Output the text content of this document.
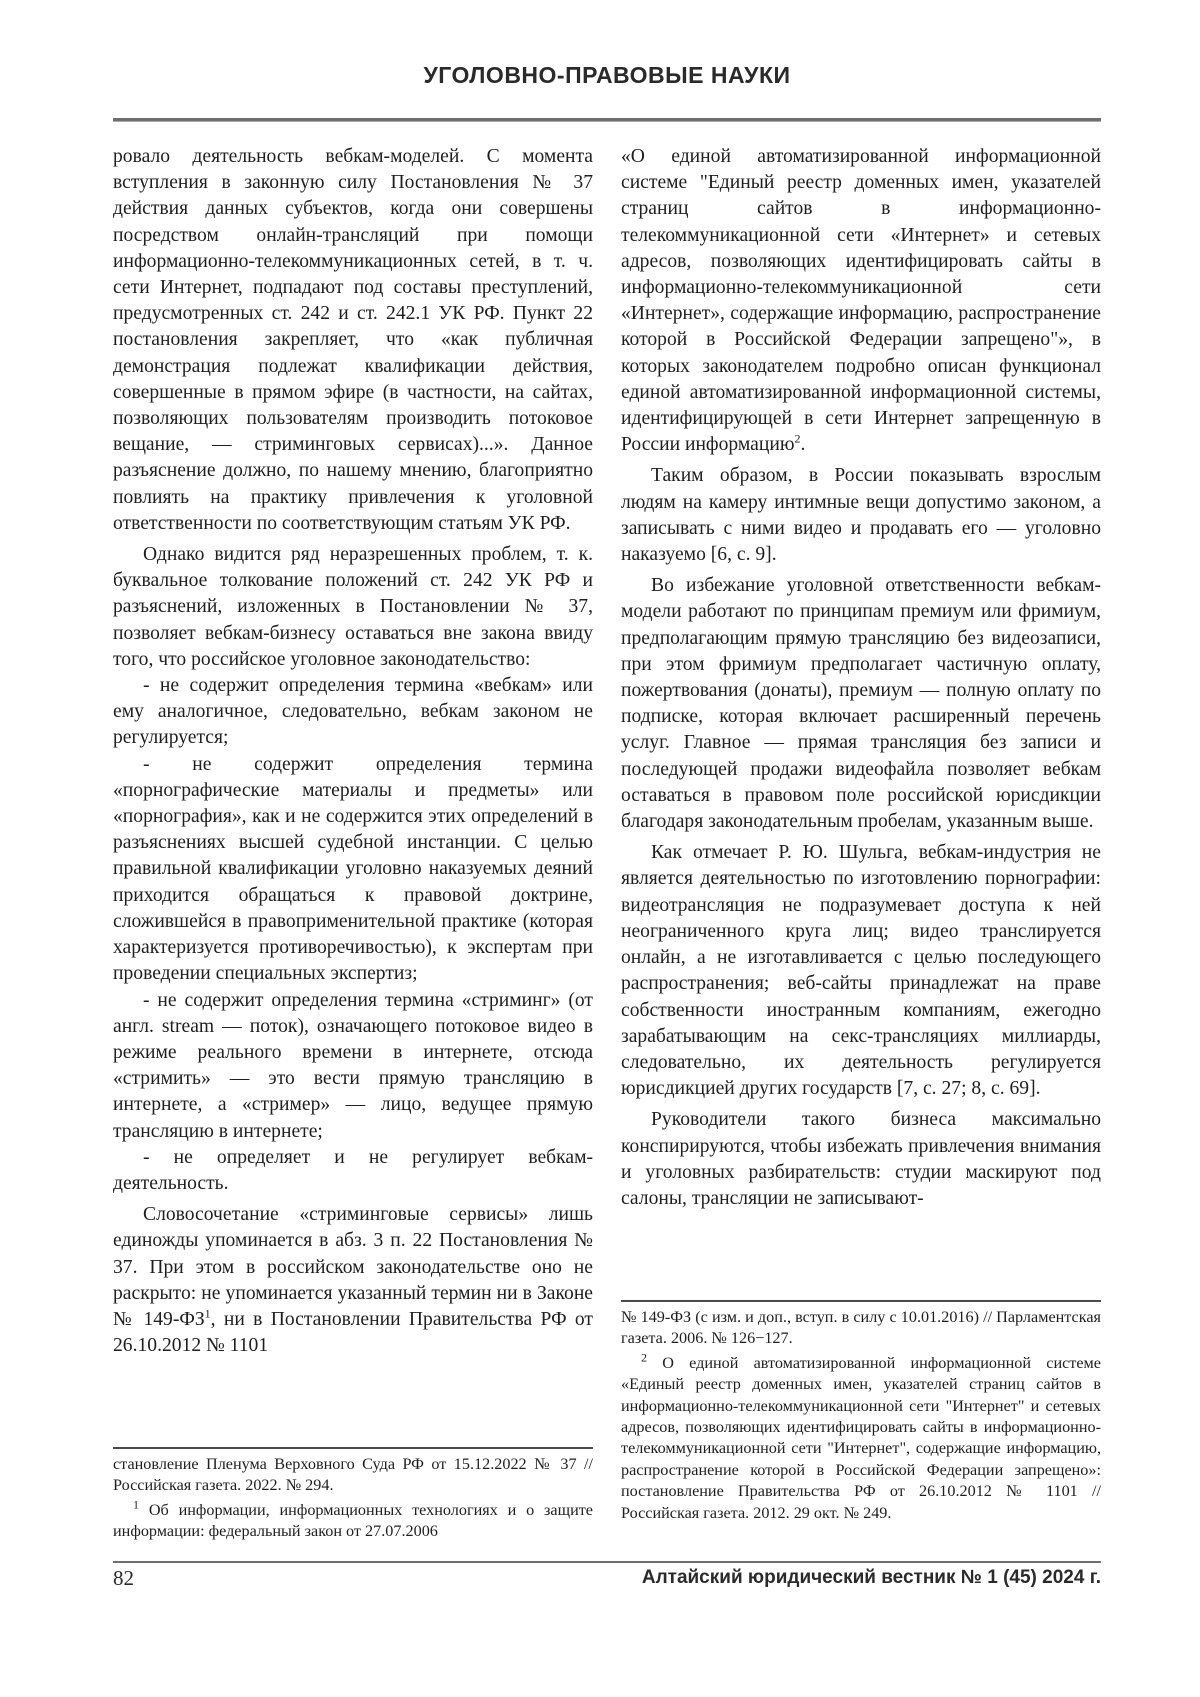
УГОЛОВНО-ПРАВОВЫЕ НАУКИ

ровало деятельность вебкам-моделей. С момента вступления в законную силу Постановления № 37 действия данных субъектов, когда они совершены посредством онлайн-трансляций при помощи информационно-телекоммуникационных сетей, в т. ч. сети Интернет, подпадают под составы преступлений, предусмотренных ст. 242 и ст. 242.1 УК РФ. Пункт 22 постановления закрепляет, что «как публичная демонстрация подлежат квалификации действия, совершенные в прямом эфире (в частности, на сайтах, позволяющих пользователям производить потоковое вещание, — стриминговых сервисах)...». Данное разъяснение должно, по нашему мнению, благоприятно повлиять на практику привлечения к уголовной ответственности по соответствующим статьям УК РФ.

Однако видится ряд неразрешенных проблем, т. к. буквальное толкование положений ст. 242 УК РФ и разъяснений, изложенных в Постановлении № 37, позволяет вебкам-бизнесу оставаться вне закона ввиду того, что российское уголовное законодательство:

- не содержит определения термина «вебкам» или ему аналогичное, следовательно, вебкам законом не регулируется;

- не содержит определения термина «порнографические материалы и предметы» или «порнография», как и не содержится этих определений в разъяснениях высшей судебной инстанции. С целью правильной квалификации уголовно наказуемых деяний приходится обращаться к правовой доктрине, сложившейся в правоприменительной практике (которая характеризуется противоречивостью), к экспертам при проведении специальных экспертиз;

- не содержит определения термина «стриминг» (от англ. stream — поток), означающего потоковое видео в режиме реального времени в интернете, отсюда «стримить» — это вести прямую трансляцию в интернете, а «стример» — лицо, ведущее прямую трансляцию в интернете;

- не определяет и не регулирует вебкам-деятельность.

Словосочетание «стриминговые сервисы» лишь единожды упоминается в абз. 3 п. 22 Постановления № 37. При этом в российском законодательстве оно не раскрыто: не упоминается указанный термин ни в Законе № $149-ФЗ^1$, ни в Постановлении Правительства РФ от 26.10.2012 № 1101

«О единой автоматизированной информационной системе "Единый реестр доменных имен, указателей страниц сайтов в информационно-телекоммуникационной сети «Интернет» и сетевых адресов, позволяющих идентифицировать сайты в информационно-телекоммуникационной сети «Интернет», содержащие информацию, распространение которой в Российской Федерации запрещено"», в которых законодателем подробно описан функционал единой автоматизированной информационной системы, идентифицирующей в сети Интернет запрещенную в России информацию$^2$.

Таким образом, в России показывать взрослым людям на камеру интимные вещи допустимо законом, а записывать с ними видео и продавать его — уголовно наказуемо [6, с. 9].

Во избежание уголовной ответственности вебкам-модели работают по принципам премиум или фримиум, предполагающим прямую трансляцию без видеозаписи, при этом фримиум предполагает частичную оплату, пожертвования (донаты), премиум — полную оплату по подписке, которая включает расширенный перечень услуг. Главное — прямая трансляция без записи и последующей продажи видеофайла позволяет вебкам оставаться в правовом поле российской юрисдикции благодаря законодательным пробелам, указанным выше.

Как отмечает Р. Ю. Шульга, вебкам-индустрия не является деятельностью по изготовлению порнографии: видеотрансляция не подразумевает доступа к ней неограниченного круга лиц; видео транслируется онлайн, а не изготавливается с целью последующего распространения; веб-сайты принадлежат на праве собственности иностранным компаниям, ежегодно зарабатывающим на секс-трансляциях миллиарды, следовательно, их деятельность регулируется юрисдикцией других государств [7, с. 27; 8, с. 69].

Руководители такого бизнеса максимально конспирируются, чтобы избежать привлечения внимания и уголовных разбирательств: студии маскируют под салоны, трансляции не записывают-

становление Пленума Верховного Суда РФ от 15.12.2022 № 37 // Российская газета. 2022. № 294.

$^1$ Об информации, информационных технологиях и о защите информации: федеральный закон от 27.07.2006

№ 149-ФЗ (с изм. и доп., вступ. в силу с 10.01.2016) // Парламентская газета. 2006. № 126−127.

$^2$ О единой автоматизированной информационной системе «Единый реестр доменных имен, указателей страниц сайтов в информационно-телекоммуникационной сети "Интернет" и сетевых адресов, позволяющих идентифицировать сайты в информационно-телекоммуникационной сети "Интернет", содержащие информацию, распространение которой в Российской Федерации запрещено»: постановление Правительства РФ от 26.10.2012 № 1101 // Российская газета. 2012. 29 окт. № 249.

82	Алтайский юридический вестник № 1 (45) 2024 г.
